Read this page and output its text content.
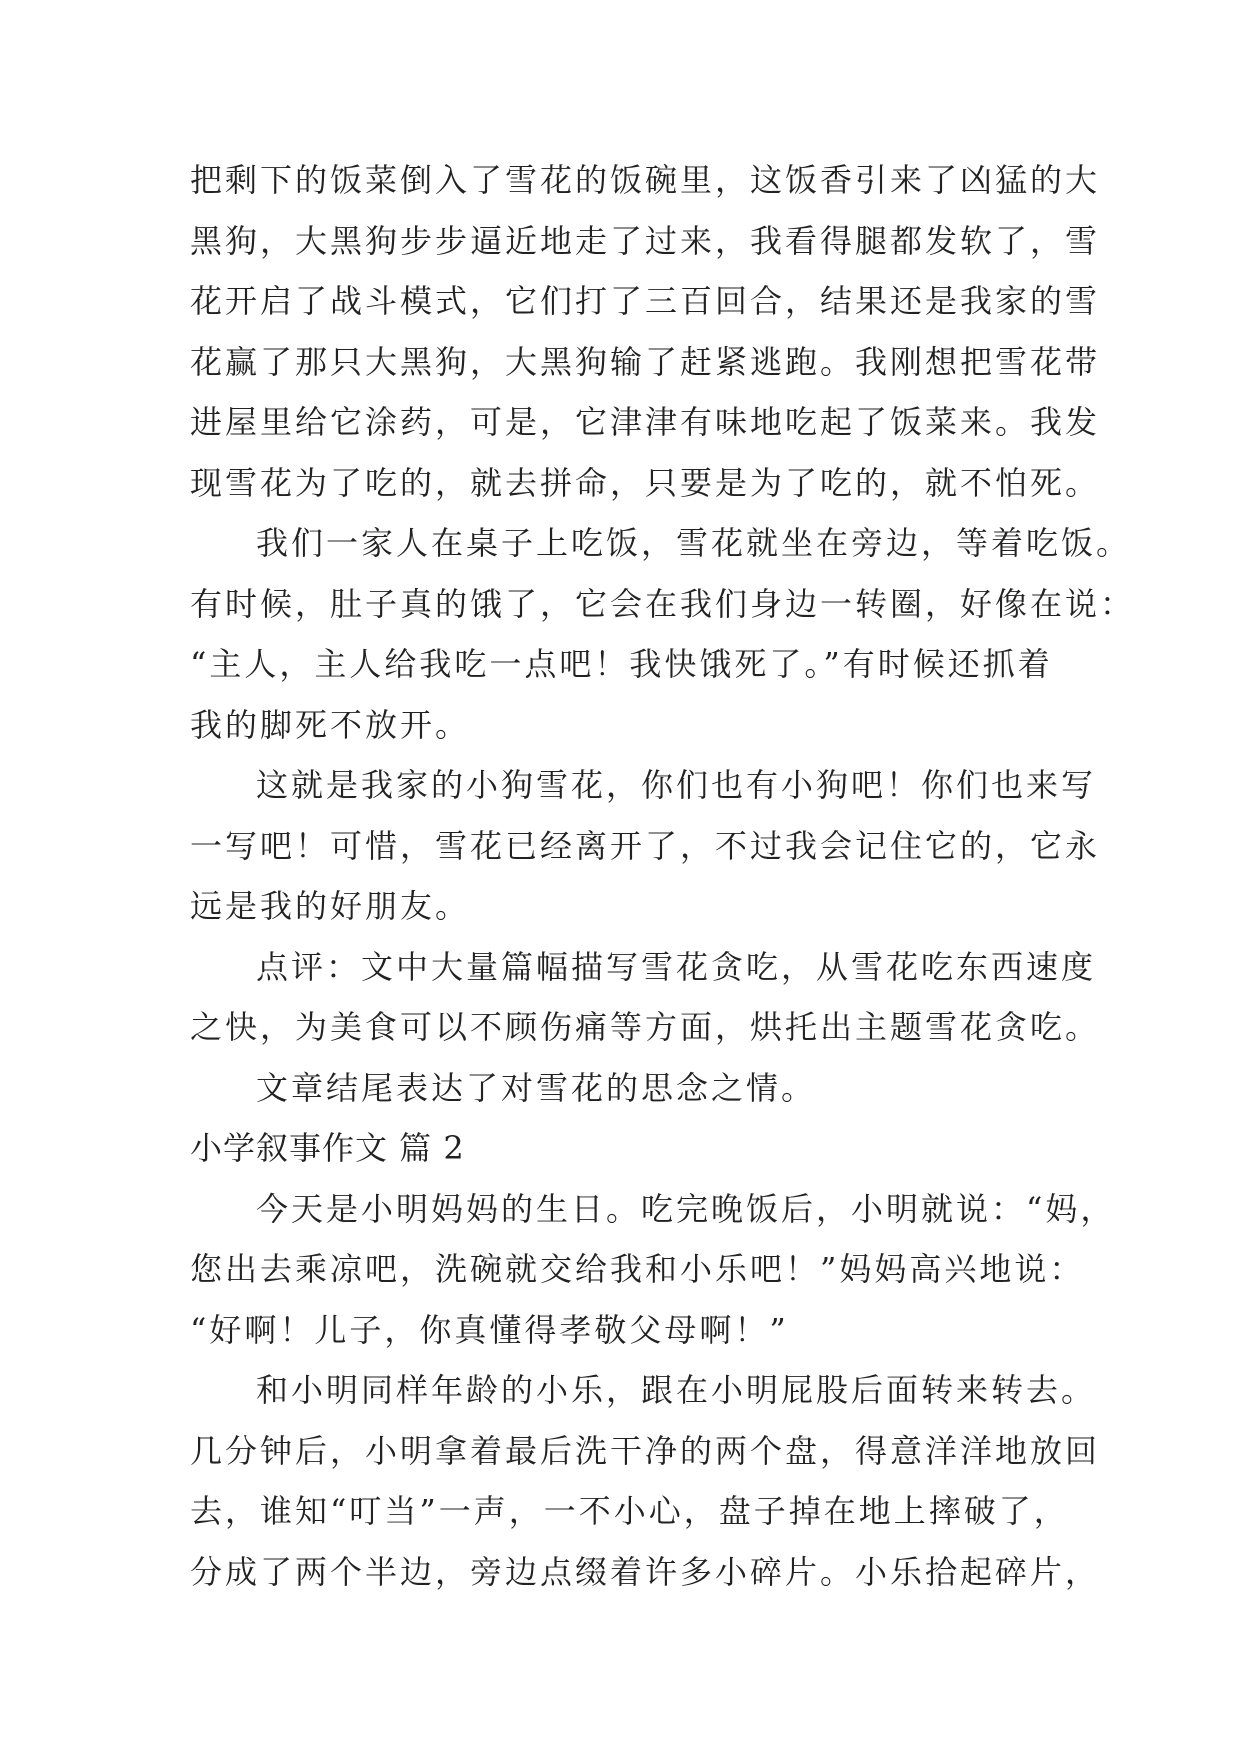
把剩下的饭菜倒入了雪花的饭碗里，这饭香引来了凶猛的大
黑狗，大黑狗步步逼近地走了过来，我看得腿都发软了，雪
花开启了战斗模式，它们打了三百回合，结果还是我家的雪
花赢了那只大黑狗，大黑狗输了赶紧逃跑。我刚想把雪花带
进屋里给它涂药，可是，它津津有味地吃起了饭菜来。我发
现雪花为了吃的，就去拼命，只要是为了吃的，就不怕死。
我们一家人在桌子上吃饭，雪花就坐在旁边，等着吃饭。
有时候，肚子真的饿了，它会在我们身边一转圈，好像在说：
“主人，主人给我吃一点吧！我快饿死了。”有时候还抓着
我的脚死不放开。
这就是我家的小狗雪花，你们也有小狗吧！你们也来写
一写吧！可惜，雪花已经离开了，不过我会记住它的，它永
远是我的好朋友。
点评：文中大量篇幅描写雪花贪吃，从雪花吃东西速度
之快，为美食可以不顾伤痛等方面，烘托出主题雪花贪吃。
文章结尾表达了对雪花的思念之情。
小学叙事作文 篇 2
今天是小明妈妈的生日。吃完晚饭后，小明就说：“妈，
您出去乘凉吧，洗碗就交给我和小乐吧！”妈妈高兴地说：
“好啊！儿子，你真懂得孝敬父母啊！”
和小明同样年龄的小乐，跟在小明屁股后面转来转去。
几分钟后，小明拿着最后洗干净的两个盘，得意洋洋地放回
去，谁知“叮当”一声，一不小心，盘子掉在地上摔破了，
分成了两个半边，旁边点缀着许多小碎片。小乐拾起碎片，
